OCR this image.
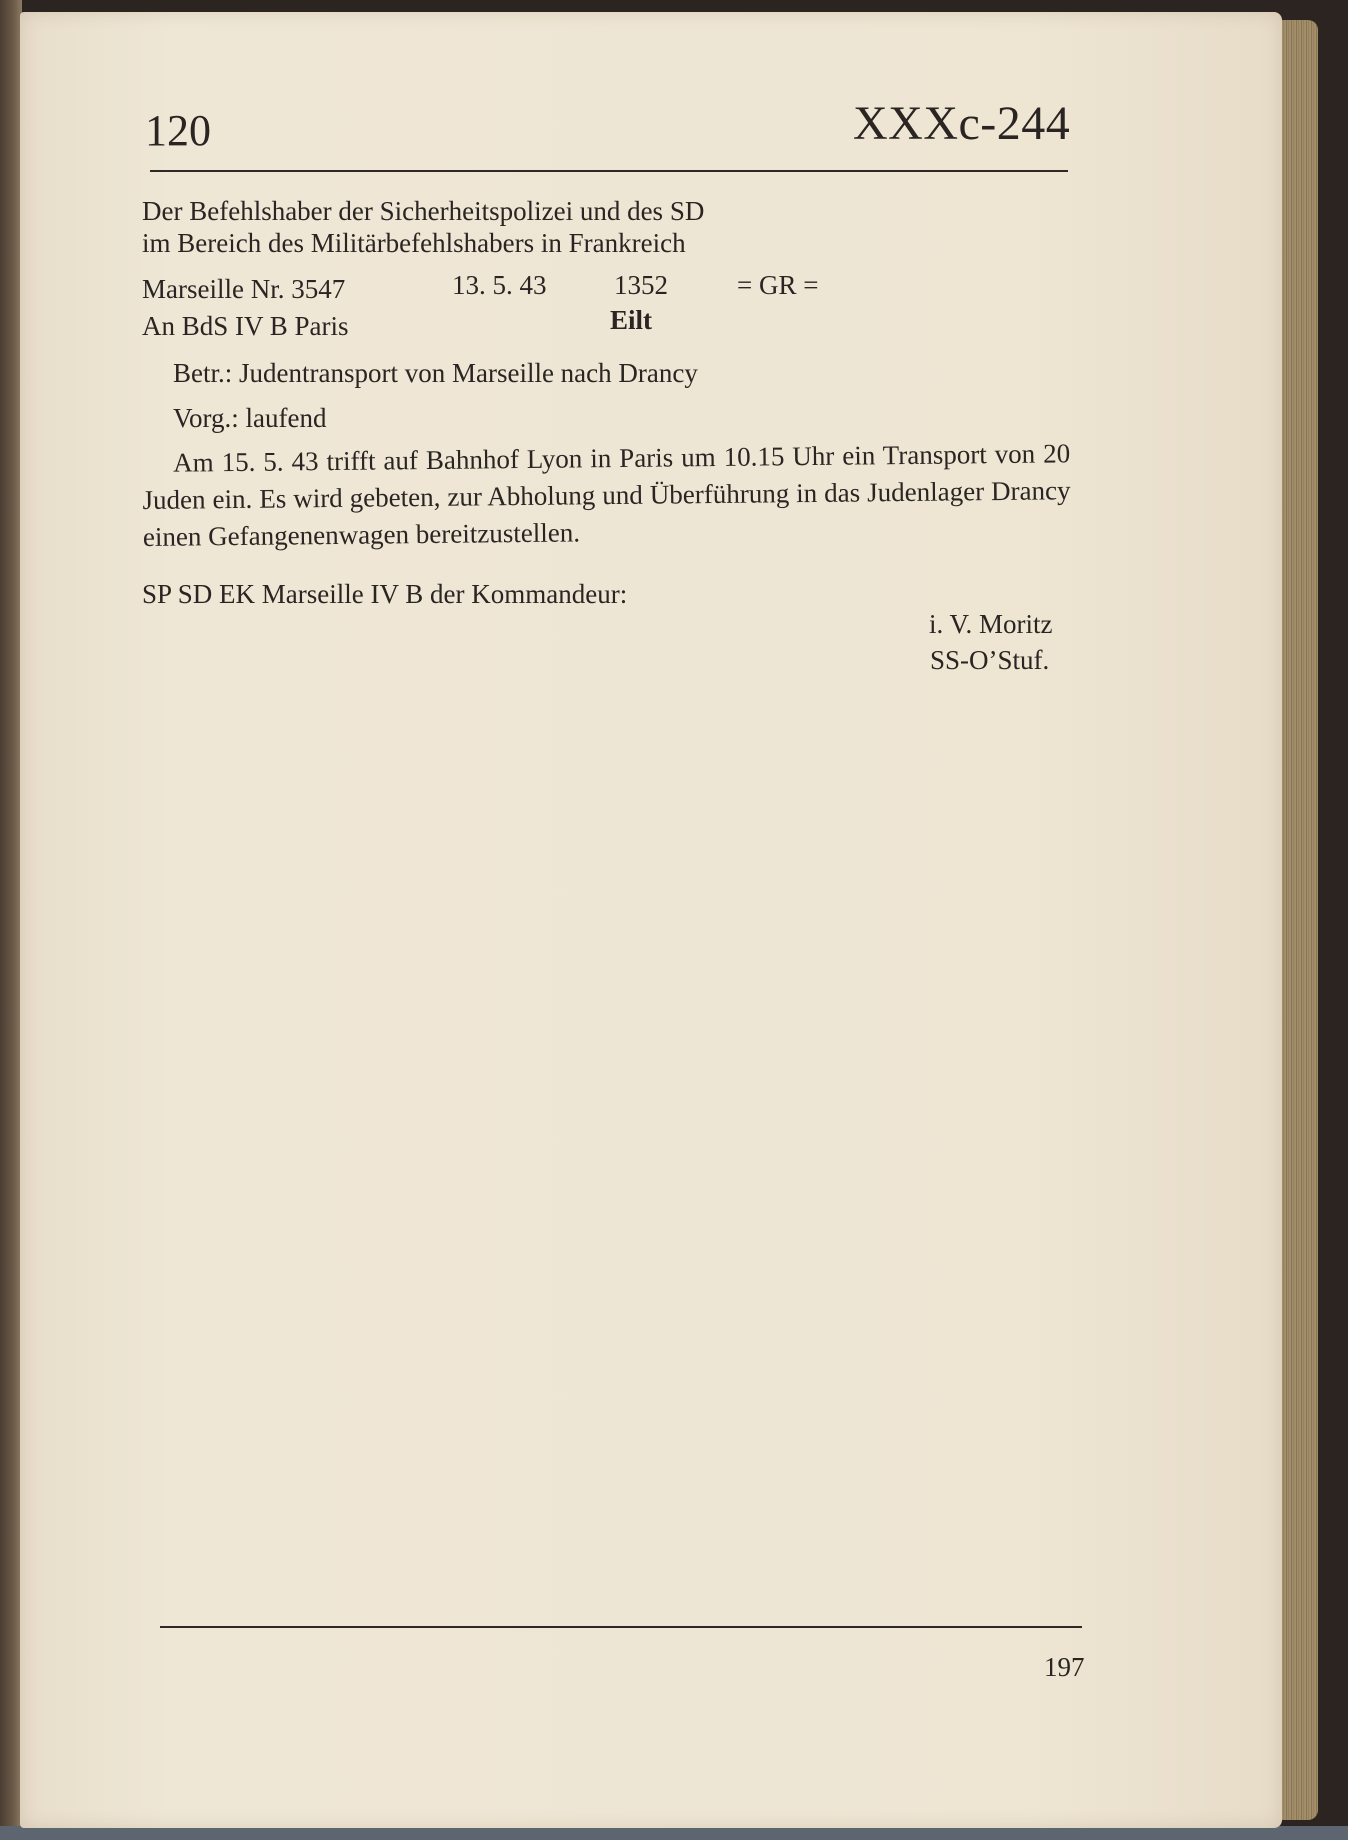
120	XXXc-244
Der Befehlshaber der Sicherheitspolizei und des SD
im Bereich des Militärbefehlshabers in Frankreich
Marseille Nr. 3547	13. 5. 43	1352	= GR =
An BdS IV B Paris	Eilt
Betr.: Judentransport von Marseille nach Drancy
Vorg.: laufend
Am 15. 5. 43 trifft auf Bahnhof Lyon in Paris um 10.15 Uhr ein Transport von 20 Juden ein. Es wird gebeten, zur Abholung und Überführung in das Judenlager Drancy einen Gefangenenwagen bereitzustellen.
SP SD EK Marseille IV B der Kommandeur:
i. V. Moritz
SS-O’Stuf.
197
